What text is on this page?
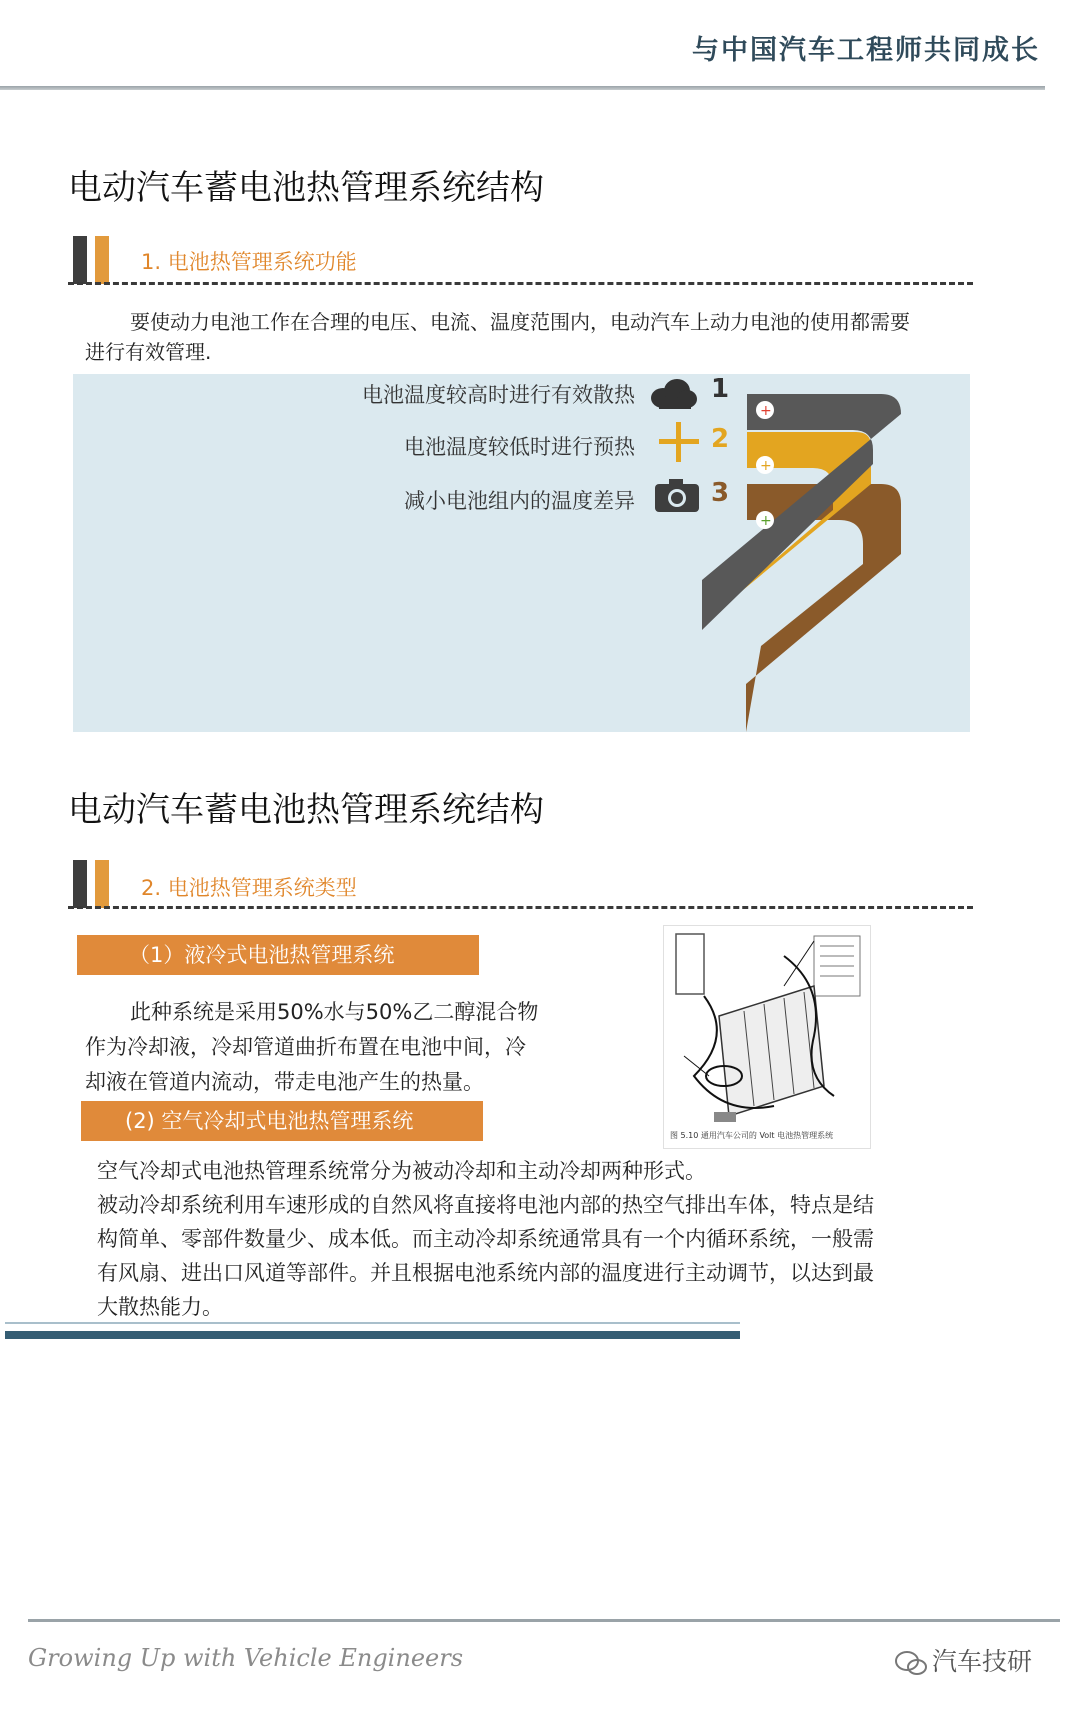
与中国汽车工程师共同成长
电动汽车蓄电池热管理系统结构
1. 电池热管理系统功能
要使动力电池工作在合理的电压、电流、温度范围内，电动汽车上动力电池的使用都需要
进行有效管理.
+
+
+
电池温度较高时进行有效散热	1
电池温度较低时进行预热	2
减小电池组内的温度差异	3
电动汽车蓄电池热管理系统结构
2. 电池热管理系统类型
（1）液冷式电池热管理系统
此种系统是采用50%水与50%乙二醇混合物
作为冷却液，冷却管道曲折布置在电池中间，冷
却液在管道内流动，带走电池产生的热量。
(2) 空气冷却式电池热管理系统
图 5.10 通用汽车公司的 Volt 电池热管理系统
空气冷却式电池热管理系统常分为被动冷却和主动冷却两种形式。
被动冷却系统利用车速形成的自然风将直接将电池内部的热空气排出车体，特点是结
构简单、零部件数量少、成本低。而主动冷却系统通常具有一个内循环系统，一般需
有风扇、进出口风道等部件。并且根据电池系统内部的温度进行主动调节，以达到最
大散热能力。
Growing Up with Vehicle Engineers	汽车技研
